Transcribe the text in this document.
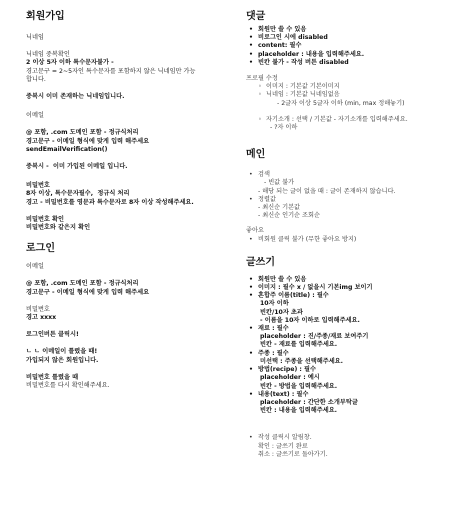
회원가입
닉네임
닉네임 중복확인
2 이상 5자 이하 특수문자불가 -
경고문구 = 2~5자인 특수문자를 포함하지 않은 닉네임만 가능
합니다.
중복시 이미 존재하는 닉네임입니다.
이메일
@ 포함, .com 도메인 포함 - 정규식처리
경고문구 - 이메일 형식에 맞게 입력 해주세요
sendEmailVerification()
중복시 -  이미 가입된 이메일 입니다.
비밀번호
8자 이상, 특수문자필수,  정규식 처리
경고 - 비밀번호를 영문과 특수문자로 8자 이상 작성해주세요.
비밀번호 확인
비밀번호와 같은지 확인
로그인
이메일
@ 포함, .com 도메인 포함 - 정규식처리
경고문구 - 이메일 형식에 맞게 입력 해주세요
비밀번호
경고 xxxx
로그인버튼 클릭시!
ㄴ ㄴ 이메일이 틀렸을 때!
가입되지 않은 회원입니다.
비밀번호 틀렸을 때
비밀번호를 다시 확인해주세요.
댓글
• 회원만 쓸 수 있음
• 비로그인 시에 disabled
• content: 필수
• placeholder : 내용을 입력해주세요.
• 빈칸 불가 - 작성 버튼 disabled
프로필 수정
◦ 이미지 : 기본값 기본이미지
◦ 닉네임 : 기본값 닉네임없음
- 2글자 이상 5글자 이하 (min, max 정해놓기)
◦ 자기소개 : 선택 / 기본값 - 자기소개를 입력해주세요.
- ?자 이하
메인
• 검색
- 빈값 불가
- 해당 되는 글이 없을 때 : 글이 존재하지 않습니다.
• 정렬값
- 최신순 기본값
- 최신순 인기순 조회순
좋아요
• 비회원 클릭 불가 (무한 좋아요 방지)
글쓰기
• 회원만 쓸 수 있음
• 이미지 : 필수 x / 없을시 기본img 보이기
• 혼합주 이름(title) : 필수
10자 이하
빈칸/10자 초과
- 이름을 10자 이하로 입력해주세요.
• 재료 : 필수
placeholder : 진/주종/재료 보여주기
빈칸 - 재료를 입력해주세요.
• 주종 : 필수
미선택 : 주종을 선택해주세요.
• 방법(recipe) : 필수
placeholder : 예시
빈칸 - 방법을 입력해주세요.
• 내용(text) : 필수
placeholder : 간단한 소개부탁글
빈칸 : 내용을 입력해주세요.
• 작성 클릭시 알림창.
확인 : 글쓰기 완료
취소 : 글쓰기로 돌아가기.
